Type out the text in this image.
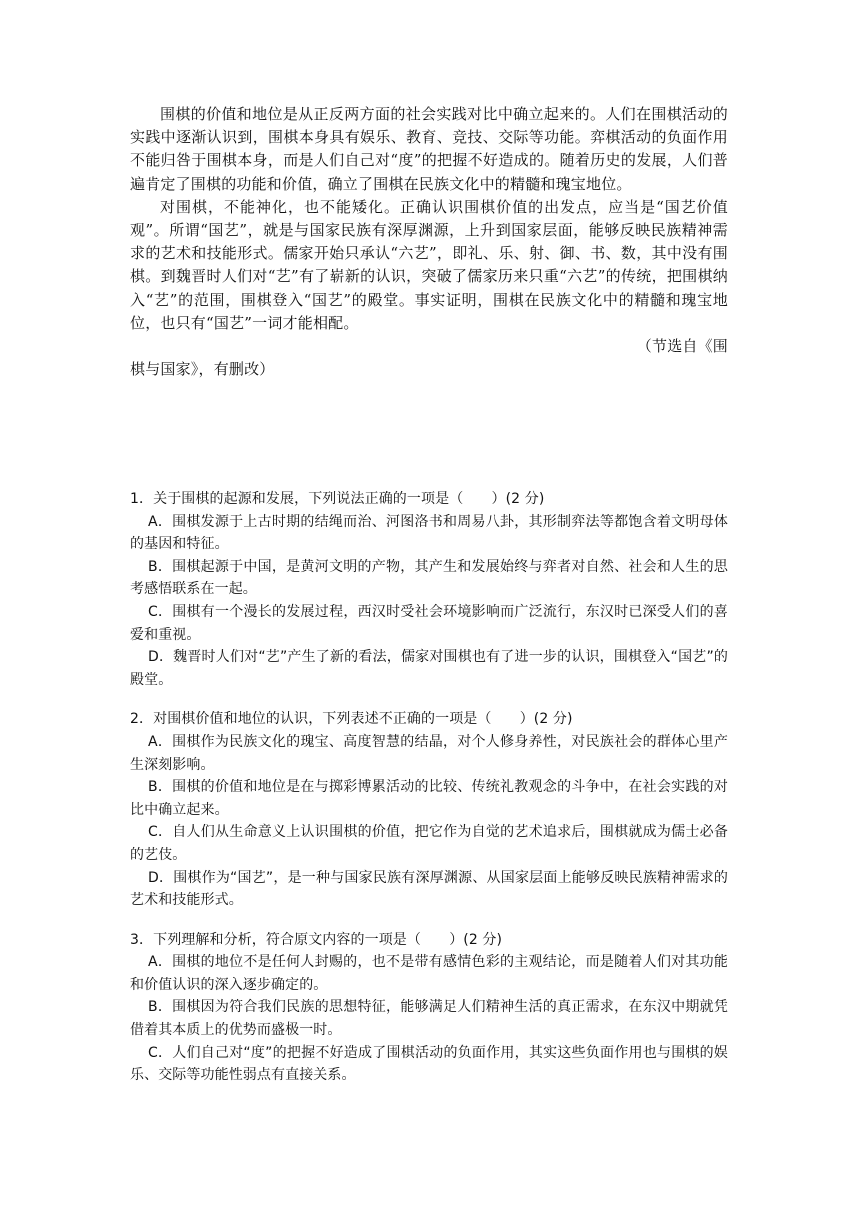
围棋的价值和地位是从正反两方面的社会实践对比中确立起来的。人们在围棋活动的实践中逐渐认识到，围棋本身具有娱乐、教育、竞技、交际等功能。弈棋活动的负面作用不能归咎于围棋本身，而是人们自己对“度”的把握不好造成的。随着历史的发展，人们普遍肯定了围棋的功能和价值，确立了围棋在民族文化中的精髓和瑰宝地位。

对围棋，不能神化，也不能矮化。正确认识围棋价值的出发点，应当是“国艺价值观”。所谓“国艺”，就是与国家民族有深厚渊源，上升到国家层面，能够反映民族精神需求的艺术和技能形式。儒家开始只承认“六艺”，即礼、乐、射、御、书、数，其中没有围棋。到魏晋时人们对“艺”有了崭新的认识，突破了儒家历来只重“六艺”的传统，把围棋纳入“艺”的范围，围棋登入“国艺”的殿堂。事实证明，围棋在民族文化中的精髓和瑰宝地位，也只有“国艺”一词才能相配。

（节选自《围
棋与国家》，有删改）
1．关于围棋的起源和发展，下列说法正确的一项是（　　）(2 分)
A．围棋发源于上古时期的结绳而治、河图洛书和周易八卦，其形制弈法等都饱含着文明母体的基因和特征。
B．围棋起源于中国，是黄河文明的产物，其产生和发展始终与弈者对自然、社会和人生的思考感悟联系在一起。
C．围棋有一个漫长的发展过程，西汉时受社会环境影响而广泛流行，东汉时已深受人们的喜爱和重视。
D．魏晋时人们对“艺”产生了新的看法，儒家对围棋也有了进一步的认识，围棋登入“国艺”的殿堂。
2．对围棋价值和地位的认识，下列表述不正确的一项是（　　）(2 分)
A．围棋作为民族文化的瑰宝、高度智慧的结晶，对个人修身养性，对民族社会的群体心里产生深刻影响。
B．围棋的价值和地位是在与掷彩博累活动的比较、传统礼教观念的斗争中，在社会实践的对比中确立起来。
C．自人们从生命意义上认识围棋的价值，把它作为自觉的艺术追求后，围棋就成为儒士必备的艺伎。
D．围棋作为“国艺”，是一种与国家民族有深厚渊源、从国家层面上能够反映民族精神需求的艺术和技能形式。
3．下列理解和分析，符合原文内容的一项是（　　）(2 分)
A．围棋的地位不是任何人封赐的，也不是带有感情色彩的主观结论，而是随着人们对其功能和价值认识的深入逐步确定的。
B．围棋因为符合我们民族的思想特征，能够满足人们精神生活的真正需求，在东汉中期就凭借着其本质上的优势而盛极一时。
C．人们自己对“度”的把握不好造成了围棋活动的负面作用，其实这些负面作用也与围棋的娱乐、交际等功能性弱点有直接关系。
